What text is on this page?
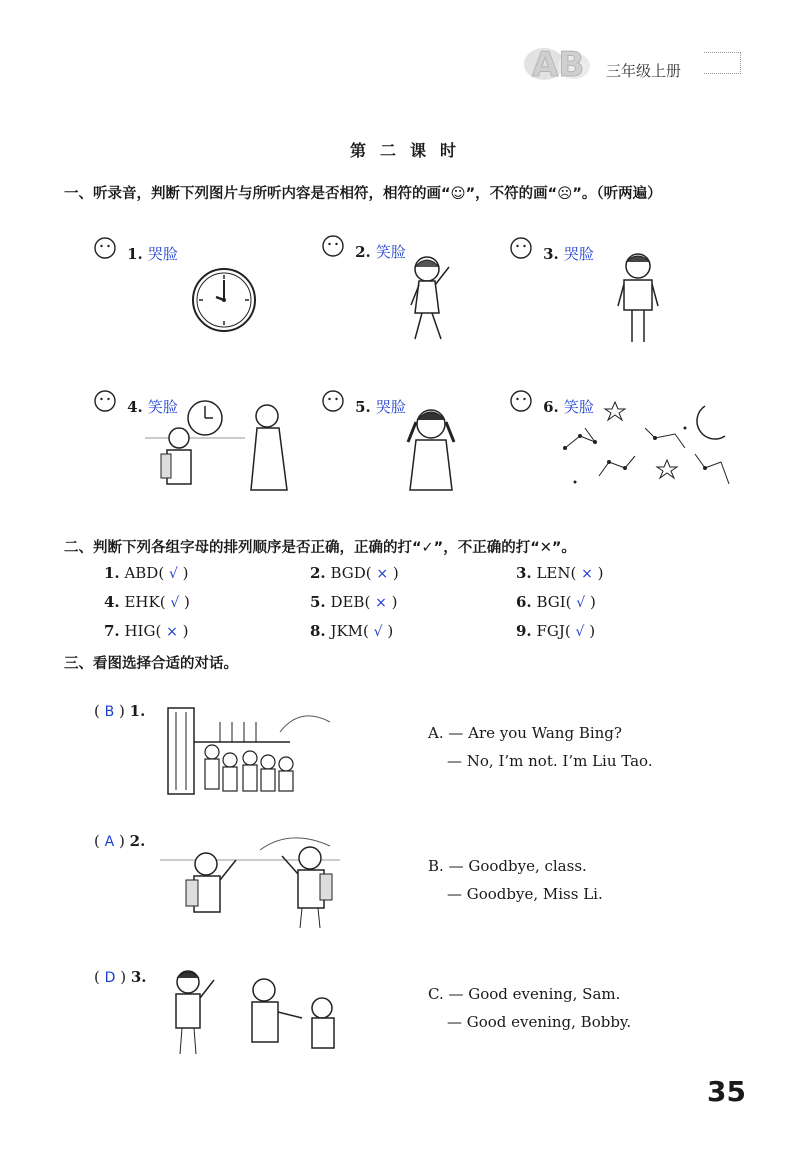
AB 三年级上册
第二课时
一、听录音，判断下列图片与所听内容是否相符，相符的画“☺”，不符的画“☹”。（听两遍）
1. 哭脸	2. 笑脸	3. 哭脸
4. 笑脸	5. 哭脸	6. 笑脸
二、判断下列各组字母的排列顺序是否正确，正确的打“✓”，不正确的打“✕”。
1. ABD( √ )	2. BGD( × )	3. LEN( × )
4. EHK( √ )	5. DEB( × )	6. BGI( √ )
7. HIG( × )	8. JKM( √ )	9. FGJ( √ )
三、看图选择合适的对话。
( B ) 1.
( A ) 2.
( D ) 3.
A. — Are you Wang Bing?
— No, I’m not. I’m Liu Tao.
B. — Goodbye, class.
— Goodbye, Miss Li.
C. — Good evening, Sam.
— Good evening, Bobby.
35
